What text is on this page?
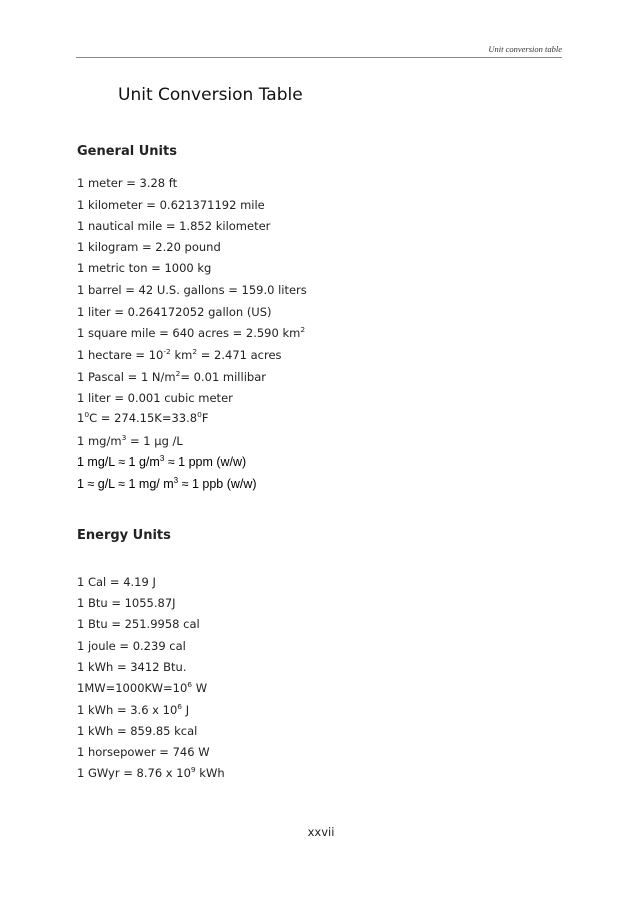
Unit conversion table
Unit Conversion Table
General Units
1 meter = 3.28 ft
1 kilometer = 0.621371192 mile
1 nautical mile = 1.852 kilometer
1 kilogram = 2.20 pound
1 metric ton = 1000 kg
1 barrel = 42 U.S. gallons = 159.0 liters
1 liter = 0.264172052 gallon (US)
1 square mile = 640 acres = 2.590 $km^2$
1 hectare = $10^{-2}$ $km^2 = 2.471$ acres
1 Pascal = 1 $N/m^2= 0.01$ millibar
1 liter = 0.001 cubic meter
$1^0C = 274.15K=33.8^0F$
1 $mg/m^3 = 1$ µg /L
1 mg/L ≈ 1 $g/m^3 \approx 1$ ppm (w/w)
1 ≈ g/L ≈ 1 mg/ $m^3 \approx 1$ ppb (w/w)
Energy Units
1 Cal = 4.19 J
1 Btu = 1055.87J
1 Btu = 251.9958 cal
1 joule = 0.239 cal
1 kWh = 3412 Btu.
$1MW=1000KW=10^6$ W
1 kWh = 3.6 x $10^6$ J
1 kWh = 859.85 kcal
1 horsepower = 746 W
1 GWyr = 8.76 x $10^9$ kWh
xxvii
